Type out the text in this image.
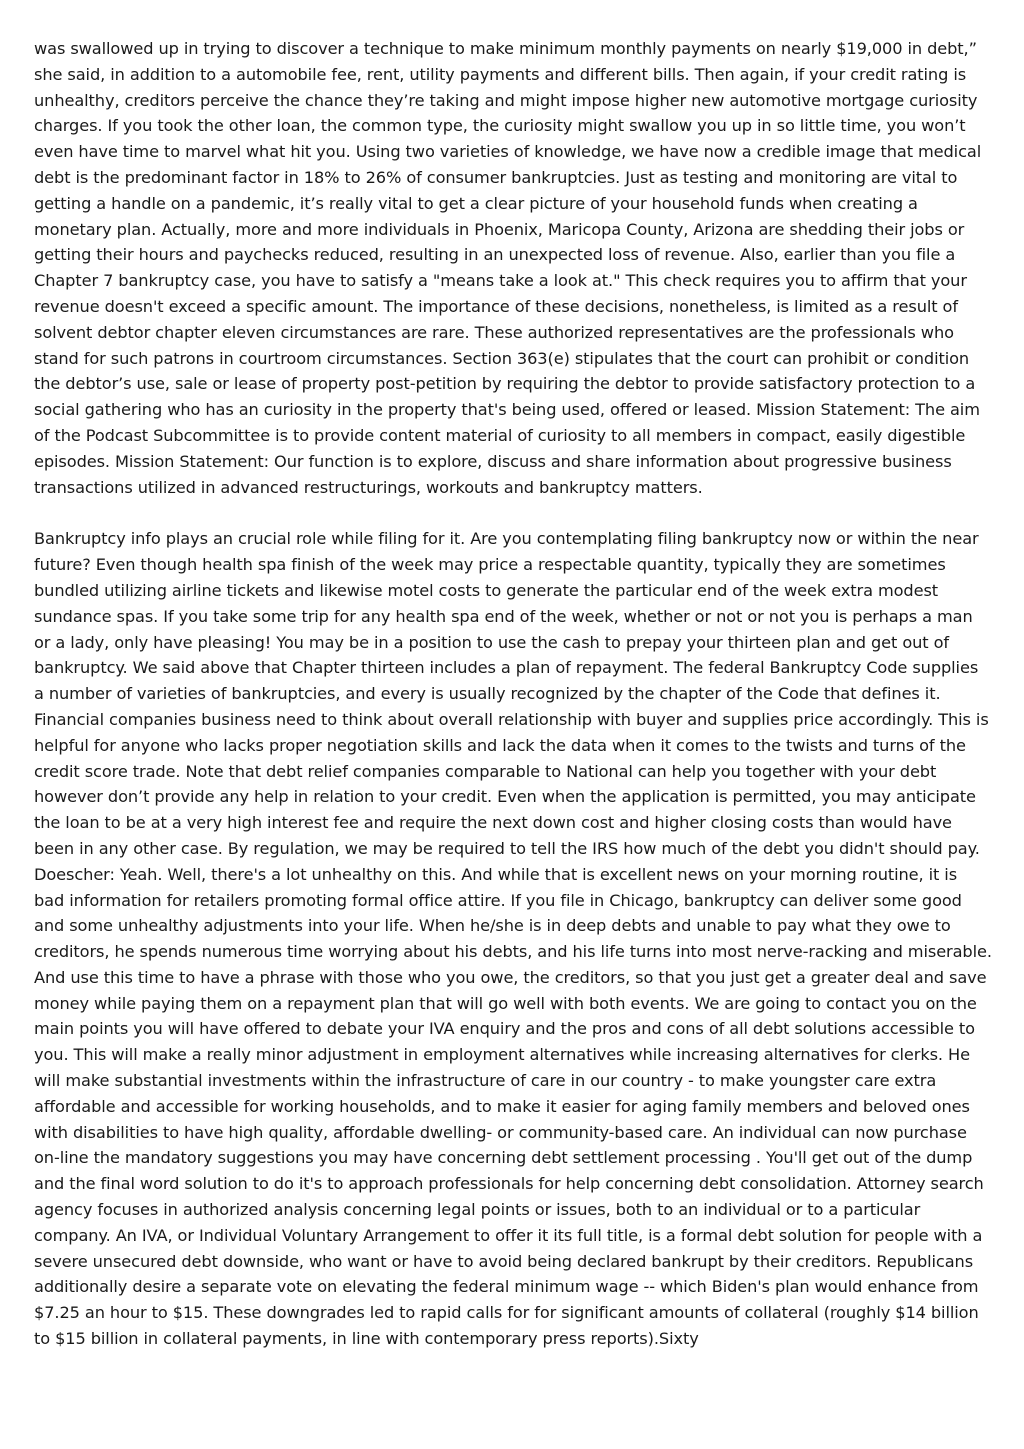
was swallowed up in trying to discover a technique to make minimum monthly payments on nearly $19,000 in debt,” she said, in addition to a automobile fee, rent, utility payments and different bills. Then again, if your credit rating is unhealthy, creditors perceive the chance they’re taking and might impose higher new automotive mortgage curiosity charges. If you took the other loan, the common type, the curiosity might swallow you up in so little time, you won’t even have time to marvel what hit you. Using two varieties of knowledge, we have now a credible image that medical debt is the predominant factor in 18% to 26% of consumer bankruptcies. Just as testing and monitoring are vital to getting a handle on a pandemic, it’s really vital to get a clear picture of your household funds when creating a monetary plan. Actually, more and more individuals in Phoenix, Maricopa County, Arizona are shedding their jobs or getting their hours and paychecks reduced, resulting in an unexpected loss of revenue. Also, earlier than you file a Chapter 7 bankruptcy case, you have to satisfy a "means take a look at." This check requires you to affirm that your revenue doesn't exceed a specific amount. The importance of these decisions, nonetheless, is limited as a result of solvent debtor chapter eleven circumstances are rare. These authorized representatives are the professionals who stand for such patrons in courtroom circumstances. Section 363(e) stipulates that the court can prohibit or condition the debtor’s use, sale or lease of property post-petition by requiring the debtor to provide satisfactory protection to a social gathering who has an curiosity in the property that's being used, offered or leased. Mission Statement: The aim of the Podcast Subcommittee is to provide content material of curiosity to all members in compact, easily digestible episodes. Mission Statement: Our function is to explore, discuss and share information about progressive business transactions utilized in advanced restructurings, workouts and bankruptcy matters.

Bankruptcy info plays an crucial role while filing for it. Are you contemplating filing bankruptcy now or within the near future? Even though health spa finish of the week may price a respectable quantity, typically they are sometimes bundled utilizing airline tickets and likewise motel costs to generate the particular end of the week extra modest sundance spas. If you take some trip for any health spa end of the week, whether or not or not you is perhaps a man or a lady, only have pleasing! You may be in a position to use the cash to prepay your thirteen plan and get out of bankruptcy. We said above that Chapter thirteen includes a plan of repayment. The federal Bankruptcy Code supplies a number of varieties of bankruptcies, and every is usually recognized by the chapter of the Code that defines it. Financial companies business need to think about overall relationship with buyer and supplies price accordingly. This is helpful for anyone who lacks proper negotiation skills and lack the data when it comes to the twists and turns of the credit score trade. Note that debt relief companies comparable to National can help you together with your debt however don’t provide any help in relation to your credit. Even when the application is permitted, you may anticipate the loan to be at a very high interest fee and require the next down cost and higher closing costs than would have been in any other case. By regulation, we may be required to tell the IRS how much of the debt you didn't should pay. Doescher: Yeah. Well, there's a lot unhealthy on this. And while that is excellent news on your morning routine, it is bad information for retailers promoting formal office attire. If you file in Chicago, bankruptcy can deliver some good and some unhealthy adjustments into your life. When he/she is in deep debts and unable to pay what they owe to creditors, he spends numerous time worrying about his debts, and his life turns into most nerve-racking and miserable. And use this time to have a phrase with those who you owe, the creditors, so that you just get a greater deal and save money while paying them on a repayment plan that will go well with both events. We are going to contact you on the main points you will have offered to debate your IVA enquiry and the pros and cons of all debt solutions accessible to you. This will make a really minor adjustment in employment alternatives while increasing alternatives for clerks. He will make substantial investments within the infrastructure of care in our country - to make youngster care extra affordable and accessible for working households, and to make it easier for aging family members and beloved ones with disabilities to have high quality, affordable dwelling- or community-based care. An individual can now purchase on-line the mandatory suggestions you may have concerning debt settlement processing . You'll get out of the dump and the final word solution to do it's to approach professionals for help concerning debt consolidation. Attorney search agency focuses in authorized analysis concerning legal points or issues, both to an individual or to a particular company. An IVA, or Individual Voluntary Arrangement to offer it its full title, is a formal debt solution for people with a severe unsecured debt downside, who want or have to avoid being declared bankrupt by their creditors. Republicans additionally desire a separate vote on elevating the federal minimum wage -- which Biden's plan would enhance from $7.25 an hour to $15. These downgrades led to rapid calls for for significant amounts of collateral (roughly $14 billion to $15 billion in collateral payments, in line with contemporary press reports).Sixty
